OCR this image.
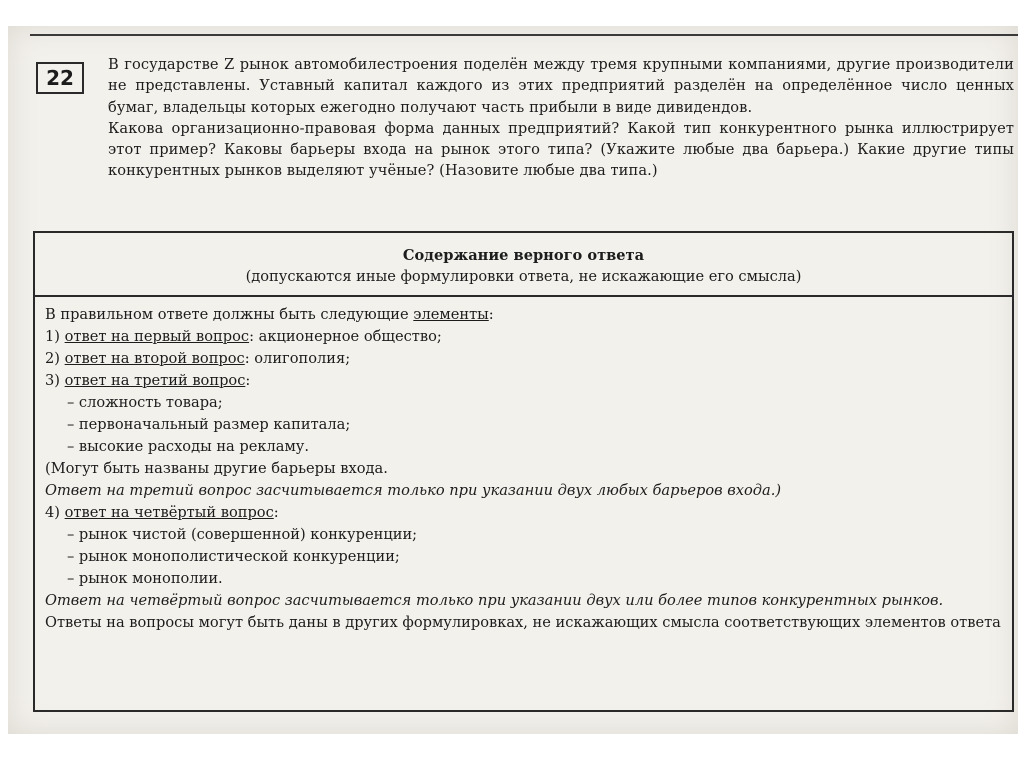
22

В государстве Z рынок автомобилестроения поделён между тремя крупными компаниями, другие производители не представлены. Уставный капитал каждого из этих предприятий разделён на определённое число ценных бумаг, владельцы которых ежегодно получают часть прибыли в виде дивидендов.

Какова организационно-правовая форма данных предприятий? Какой тип конкурентного рынка иллюстрирует этот пример? Каковы барьеры входа на рынок этого типа? (Укажите любые два барьера.) Какие другие типы конкурентных рынков выделяют учёные? (Назовите любые два типа.)

Содержание верного ответа
(допускаются иные формулировки ответа, не искажающие его смысла)
В правильном ответе должны быть следующие элементы:
1) ответ на первый вопрос: акционерное общество;
2) ответ на второй вопрос: олигополия;
3) ответ на третий вопрос:
– сложность товара;
– первоначальный размер капитала;
– высокие расходы на рекламу.
(Могут быть названы другие барьеры входа.
Ответ на третий вопрос засчитывается только при указании двух любых барьеров входа.)
4) ответ на четвёртый вопрос:
– рынок чистой (совершенной) конкуренции;
– рынок монополистической конкуренции;
– рынок монополии.
Ответ на четвёртый вопрос засчитывается только при указании двух или более типов конкурентных рынков.
Ответы на вопросы могут быть даны в других формулировках, не искажающих смысла соответствующих элементов ответа
